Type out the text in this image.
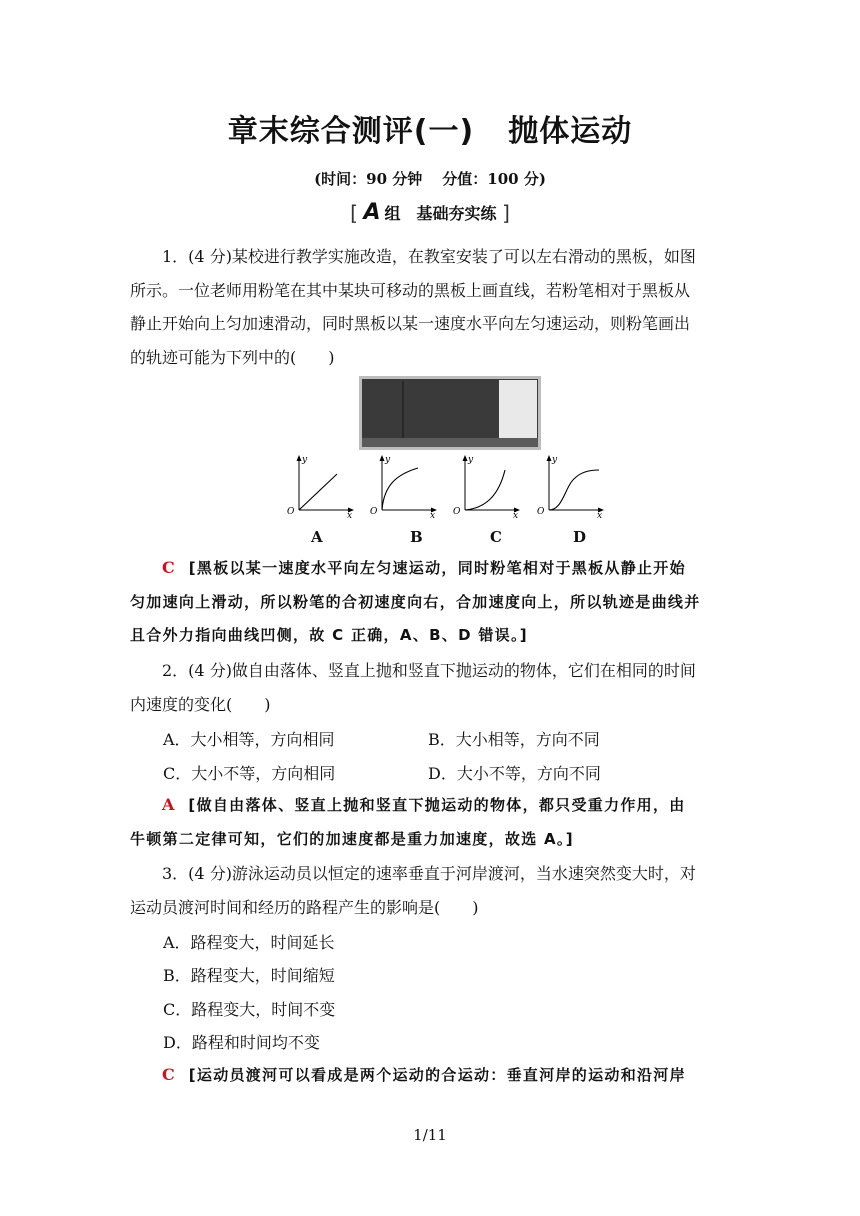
章末综合测评(一) 抛体运动
(时间：90 分钟 分值：100 分)
[ A 组　基础夯实练 ]
1．(4 分)某校进行教学实施改造，在教室安装了可以左右滑动的黑板，如图
所示。一位老师用粉笔在其中某块可移动的黑板上画直线，若粉笔相对于黑板从
静止开始向上匀加速滑动，同时黑板以某一速度水平向左匀速运动，则粉笔画出
的轨迹可能为下列中的(　　)
y
O	x
y
O	x
y
O	x
y
O	x
A	B	C	D
C [黑板以某一速度水平向左匀速运动，同时粉笔相对于黑板从静止开始
匀加速向上滑动，所以粉笔的合初速度向右，合加速度向上，所以轨迹是曲线并
且合外力指向曲线凹侧，故 C 正确，A、B、D 错误。]
2．(4 分)做自由落体、竖直上抛和竖直下抛运动的物体，它们在相同的时间
内速度的变化(　　)
A．大小相等，方向相同	B．大小相等，方向不同
C．大小不等，方向相同	D．大小不等，方向不同
A [做自由落体、竖直上抛和竖直下抛运动的物体，都只受重力作用，由
牛顿第二定律可知，它们的加速度都是重力加速度，故选 A。]
3．(4 分)游泳运动员以恒定的速率垂直于河岸渡河，当水速突然变大时，对
运动员渡河时间和经历的路程产生的影响是(　　)
A．路程变大，时间延长
B．路程变大，时间缩短
C．路程变大，时间不变
D．路程和时间均不变
C [运动员渡河可以看成是两个运动的合运动：垂直河岸的运动和沿河岸
1/11
